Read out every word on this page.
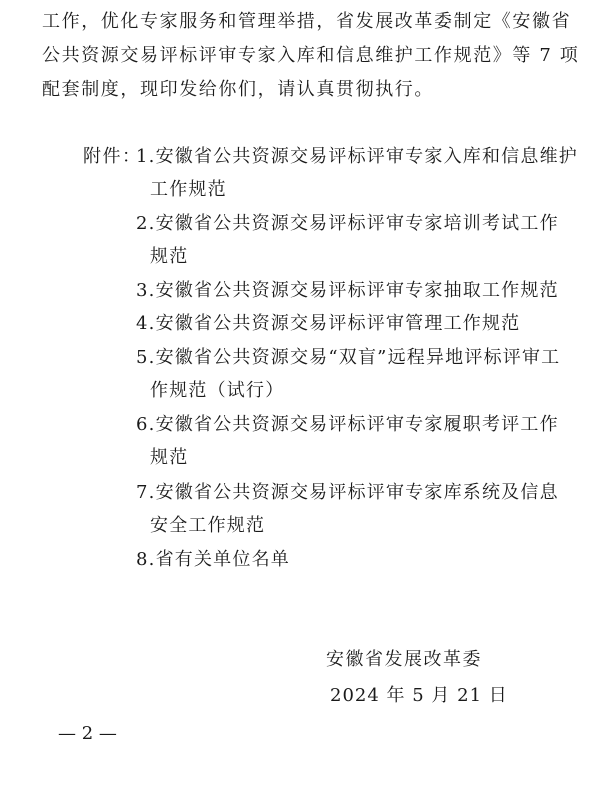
工作，优化专家服务和管理举措，省发展改革委制定《安徽省
公共资源交易评标评审专家入库和信息维护工作规范》等 7 项
配套制度，现印发给你们，请认真贯彻执行。
附件：
1.安徽省公共资源交易评标评审专家入库和信息维护
工作规范
2.安徽省公共资源交易评标评审专家培训考试工作
规范
3.安徽省公共资源交易评标评审专家抽取工作规范
4.安徽省公共资源交易评标评审管理工作规范
5.安徽省公共资源交易“双盲”远程异地评标评审工
作规范（试行）
6.安徽省公共资源交易评标评审专家履职考评工作
规范
7.安徽省公共资源交易评标评审专家库系统及信息
安全工作规范
8.省有关单位名单
安徽省发展改革委
2024 年 5 月 21 日
— 2 —
